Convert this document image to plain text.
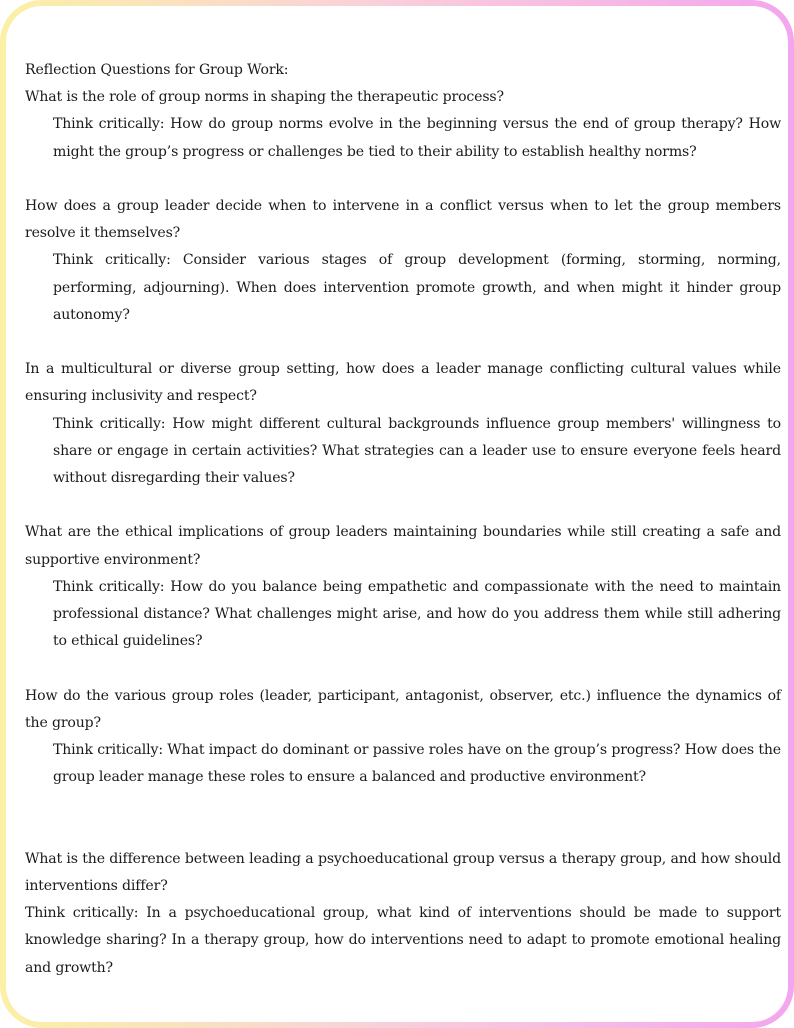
Reflection Questions for Group Work:

What is the role of group norms in shaping the therapeutic process?

Think critically: How do group norms evolve in the beginning versus the end of group therapy? How might the group’s progress or challenges be tied to their ability to establish healthy norms?

How does a group leader decide when to intervene in a conflict versus when to let the group members resolve it themselves?

Think critically: Consider various stages of group development (forming, storming, norming, performing, adjourning). When does intervention promote growth, and when might it hinder group autonomy?

In a multicultural or diverse group setting, how does a leader manage conflicting cultural values while ensuring inclusivity and respect?

Think critically: How might different cultural backgrounds influence group members' willingness to share or engage in certain activities? What strategies can a leader use to ensure everyone feels heard without disregarding their values?

What are the ethical implications of group leaders maintaining boundaries while still creating a safe and supportive environment?

Think critically: How do you balance being empathetic and compassionate with the need to maintain professional distance? What challenges might arise, and how do you address them while still adhering to ethical guidelines?

How do the various group roles (leader, participant, antagonist, observer, etc.) influence the dynamics of the group?

Think critically: What impact do dominant or passive roles have on the group’s progress? How does the group leader manage these roles to ensure a balanced and productive environment?

What is the difference between leading a psychoeducational group versus a therapy group, and how should interventions differ?

Think critically: In a psychoeducational group, what kind of interventions should be made to support knowledge sharing? In a therapy group, how do interventions need to adapt to promote emotional healing and growth?
